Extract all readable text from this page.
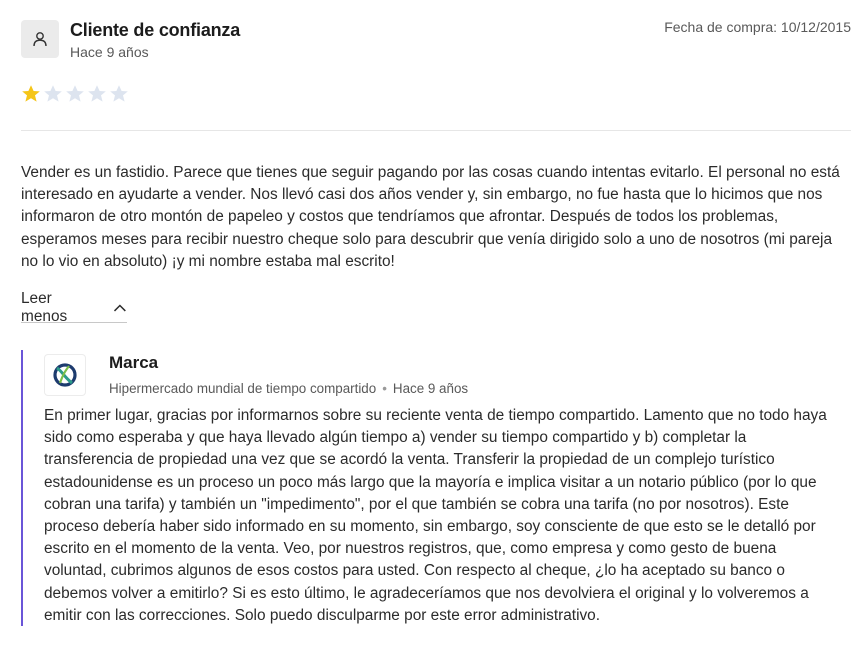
Cliente de confianza
Hace 9 años
Fecha de compra: 10/12/2015
Vender es un fastidio. Parece que tienes que seguir pagando por las cosas cuando intentas evitarlo. El personal no está interesado en ayudarte a vender. Nos llevó casi dos años vender y, sin embargo, no fue hasta que lo hicimos que nos informaron de otro montón de papeleo y costos que tendríamos que afrontar. Después de todos los problemas, esperamos meses para recibir nuestro cheque solo para descubrir que venía dirigido solo a uno de nosotros (mi pareja no lo vio en absoluto) ¡y mi nombre estaba mal escrito!
Leer menos
Marca
Hipermercado mundial de tiempo compartido • Hace 9 años
En primer lugar, gracias por informarnos sobre su reciente venta de tiempo compartido. Lamento que no todo haya sido como esperaba y que haya llevado algún tiempo a) vender su tiempo compartido y b) completar la transferencia de propiedad una vez que se acordó la venta. Transferir la propiedad de un complejo turístico estadounidense es un proceso un poco más largo que la mayoría e implica visitar a un notario público (por lo que cobran una tarifa) y también un "impedimento", por el que también se cobra una tarifa (no por nosotros). Este proceso debería haber sido informado en su momento, sin embargo, soy consciente de que esto se le detalló por escrito en el momento de la venta. Veo, por nuestros registros, que, como empresa y como gesto de buena voluntad, cubrimos algunos de esos costos para usted. Con respecto al cheque, ¿lo ha aceptado su banco o debemos volver a emitirlo? Si es esto último, le agradeceríamos que nos devolviera el original y lo volveremos a emitir con las correcciones. Solo puedo disculparme por este error administrativo.
